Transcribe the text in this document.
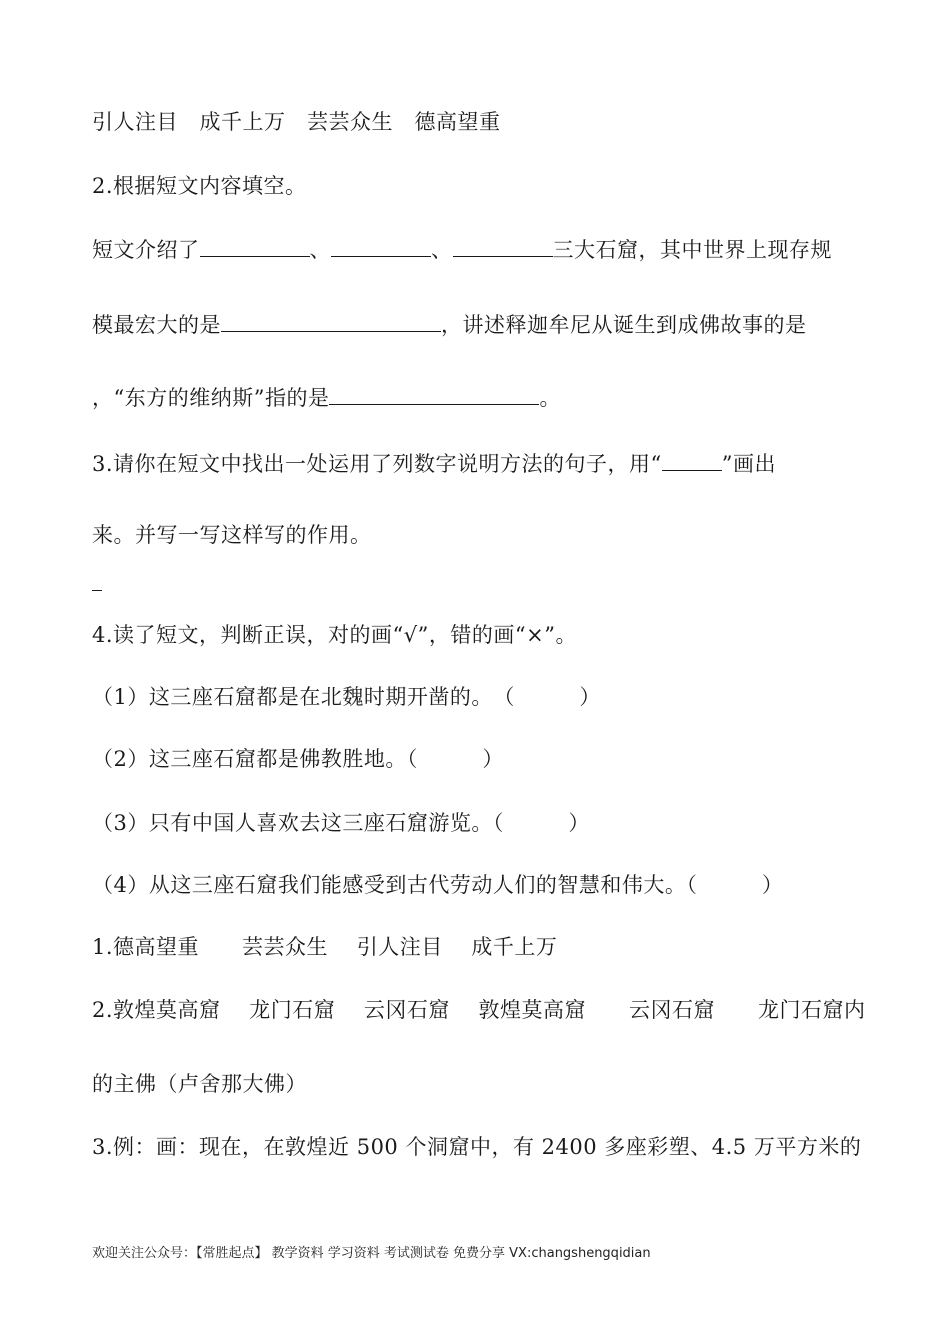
引人注目　成千上万　芸芸众生　德高望重
2.根据短文内容填空。
短文介绍了	、	、	三大石窟，其中世界上现存规
模最宏大的是	，讲述释迦牟尼从诞生到成佛故事的是
，“东方的维纳斯”指的是	。
3.请你在短文中找出一处运用了列数字说明方法的句子，用“	”画出
来。并写一写这样写的作用。
4.读了短文，判断正误，对的画“√”，错的画“×”。
（1）这三座石窟都是在北魏时期开凿的。　（　　　）
（2）这三座石窟都是佛教胜地。（　　　）
（3）只有中国人喜欢去这三座石窟游览。（　　　）
（4）从这三座石窟我们能感受到古代劳动人们的智慧和伟大。（　　　）
1.德高望重　　芸芸众生　 引人注目　 成千上万
2.敦煌莫高窟　 龙门石窟　 云冈石窟　 敦煌莫高窟　　云冈石窟　　龙门石窟内
的主佛（卢舍那大佛）
3.例：画：现在，在敦煌近 500 个洞窟中，有 2400 多座彩塑、4.5 万平方米的
欢迎关注公众号：【常胜起点】 教学资料 学习资料 考试测试卷 免费分享 VX:changshengqidian
